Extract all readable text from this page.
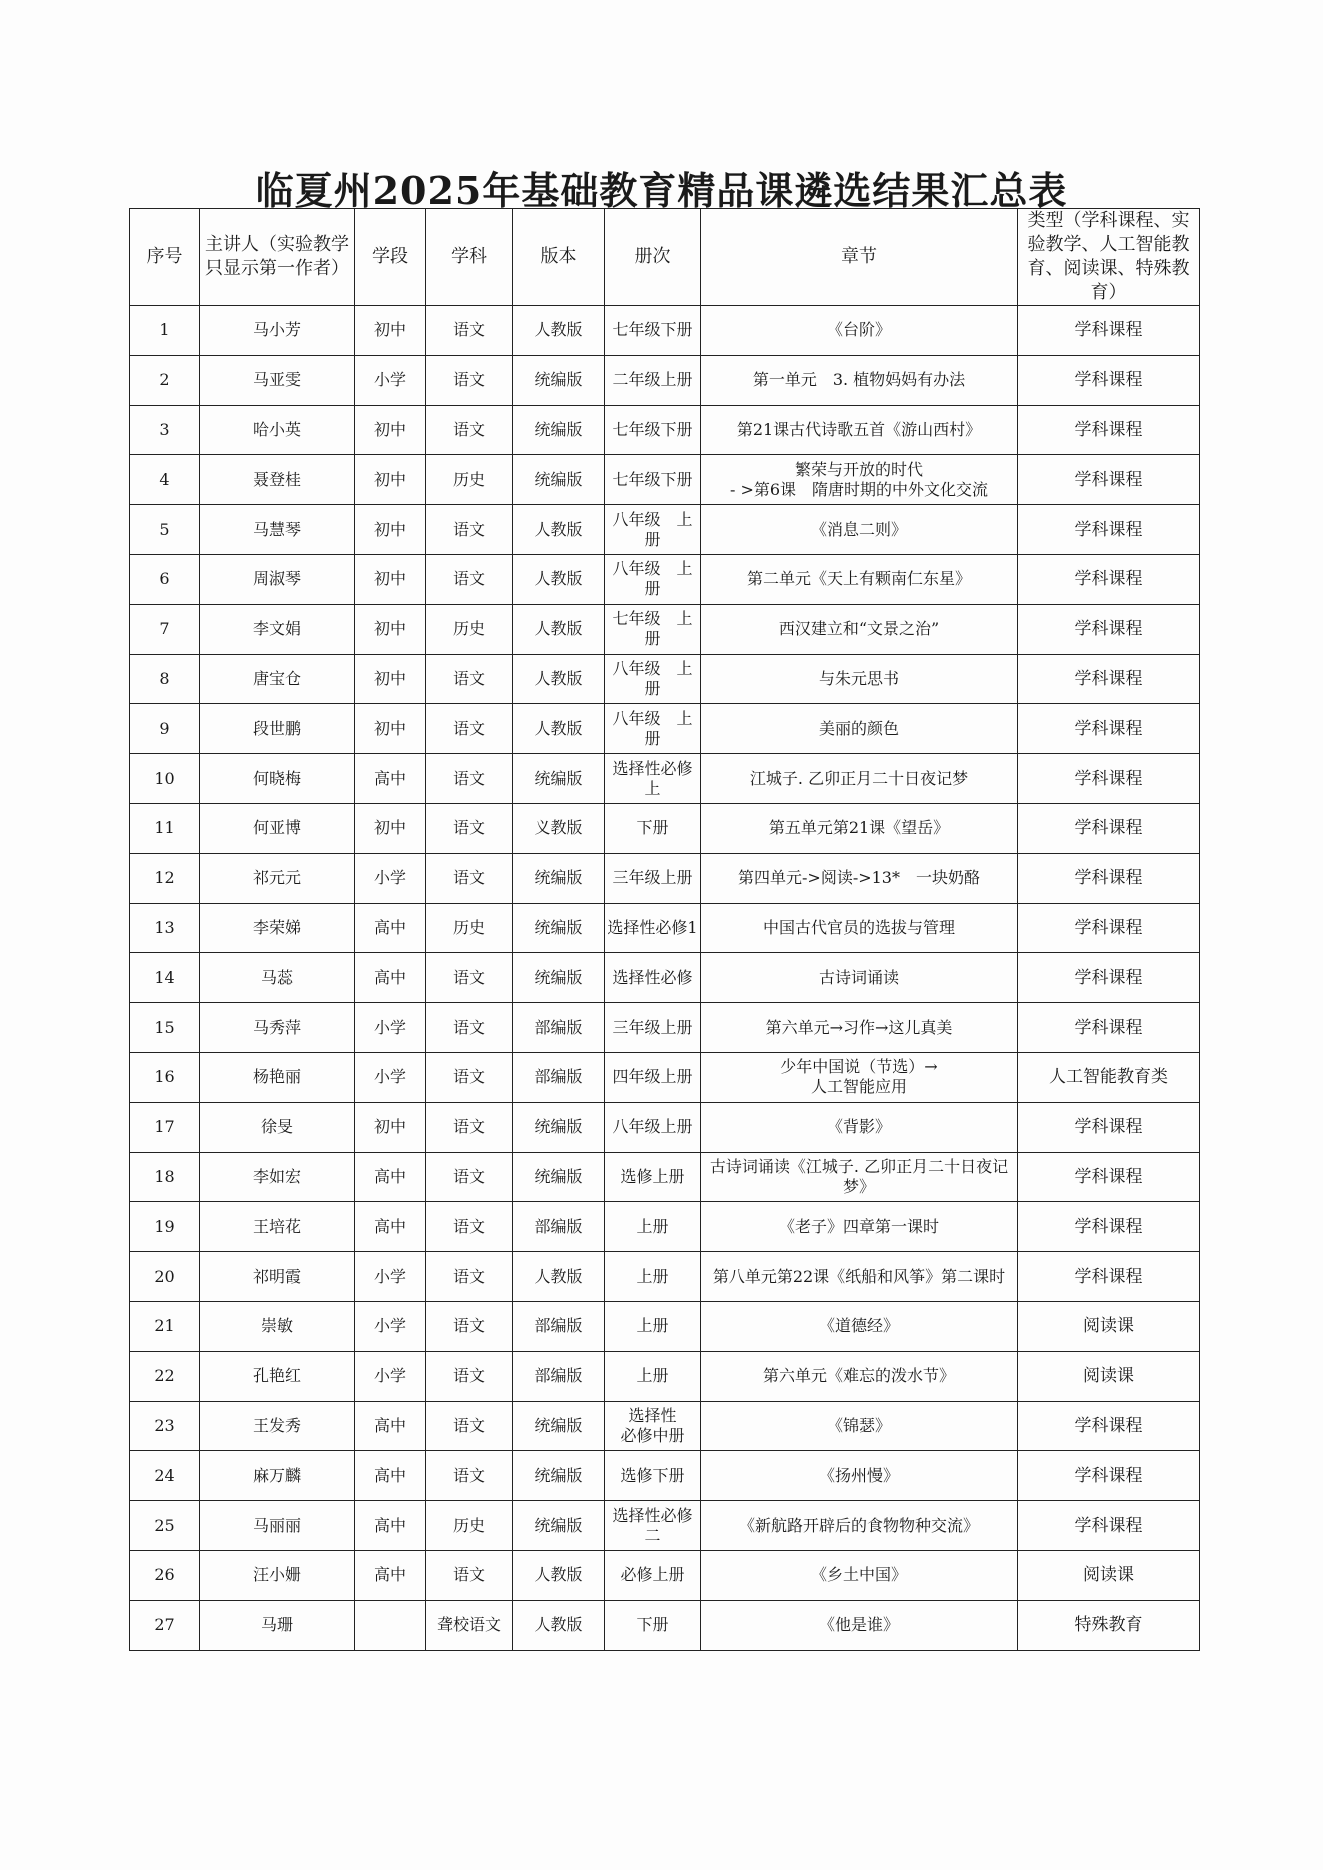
临夏州2025年基础教育精品课遴选结果汇总表
序号	主讲人（实验教学只显示第一作者）	学段	学科	版本	册次	章节	类型（学科课程、实验教学、人工智能教育、阅读课、特殊教育）
1	马小芳	初中	语文	人教版	七年级下册	《台阶》	学科课程
2	马亚雯	小学	语文	统编版	二年级上册	第一单元　3. 植物妈妈有办法	学科课程
3	哈小英	初中	语文	统编版	七年级下册	第21课古代诗歌五首《游山西村》	学科课程
4	聂登桂	初中	历史	统编版	七年级下册	繁荣与开放的时代
- >第6课　隋唐时期的中外文化交流	学科课程
5	马慧琴	初中	语文	人教版	八年级　上册	《消息二则》	学科课程
6	周淑琴	初中	语文	人教版	八年级　上册	第二单元《天上有颗南仁东星》	学科课程
7	李文娟	初中	历史	人教版	七年级　上册	西汉建立和“文景之治”	学科课程
8	唐宝仓	初中	语文	人教版	八年级　上册	与朱元思书	学科课程
9	段世鹏	初中	语文	人教版	八年级　上册	美丽的颜色	学科课程
10	何晓梅	高中	语文	统编版	选择性必修上	江城子. 乙卯正月二十日夜记梦	学科课程
11	何亚博	初中	语文	义教版	下册	第五单元第21课《望岳》	学科课程
12	祁元元	小学	语文	统编版	三年级上册	第四单元->阅读->13*　一块奶酪	学科课程
13	李荣娣	高中	历史	统编版	选择性必修1	中国古代官员的选拔与管理	学科课程
14	马蕊	高中	语文	统编版	选择性必修	古诗词诵读	学科课程
15	马秀萍	小学	语文	部编版	三年级上册	第六单元→习作→这儿真美	学科课程
16	杨艳丽	小学	语文	部编版	四年级上册	少年中国说（节选）→
人工智能应用	人工智能教育类
17	徐旻	初中	语文	统编版	八年级上册	《背影》	学科课程
18	李如宏	高中	语文	统编版	选修上册	古诗词诵读《江城子. 乙卯正月二十日夜记梦》	学科课程
19	王培花	高中	语文	部编版	上册	《老子》四章第一课时	学科课程
20	祁明霞	小学	语文	人教版	上册	第八单元第22课《纸船和风筝》第二课时	学科课程
21	崇敏	小学	语文	部编版	上册	《道德经》	阅读课
22	孔艳红	小学	语文	部编版	上册	第六单元《难忘的泼水节》	阅读课
23	王发秀	高中	语文	统编版	选择性
必修中册	《锦瑟》	学科课程
24	麻万麟	高中	语文	统编版	选修下册	《扬州慢》	学科课程
25	马丽丽	高中	历史	统编版	选择性必修二	《新航路开辟后的食物物种交流》	学科课程
26	汪小姗	高中	语文	人教版	必修上册	《乡土中国》	阅读课
27	马珊		聋校语文	人教版	下册	《他是谁》	特殊教育
